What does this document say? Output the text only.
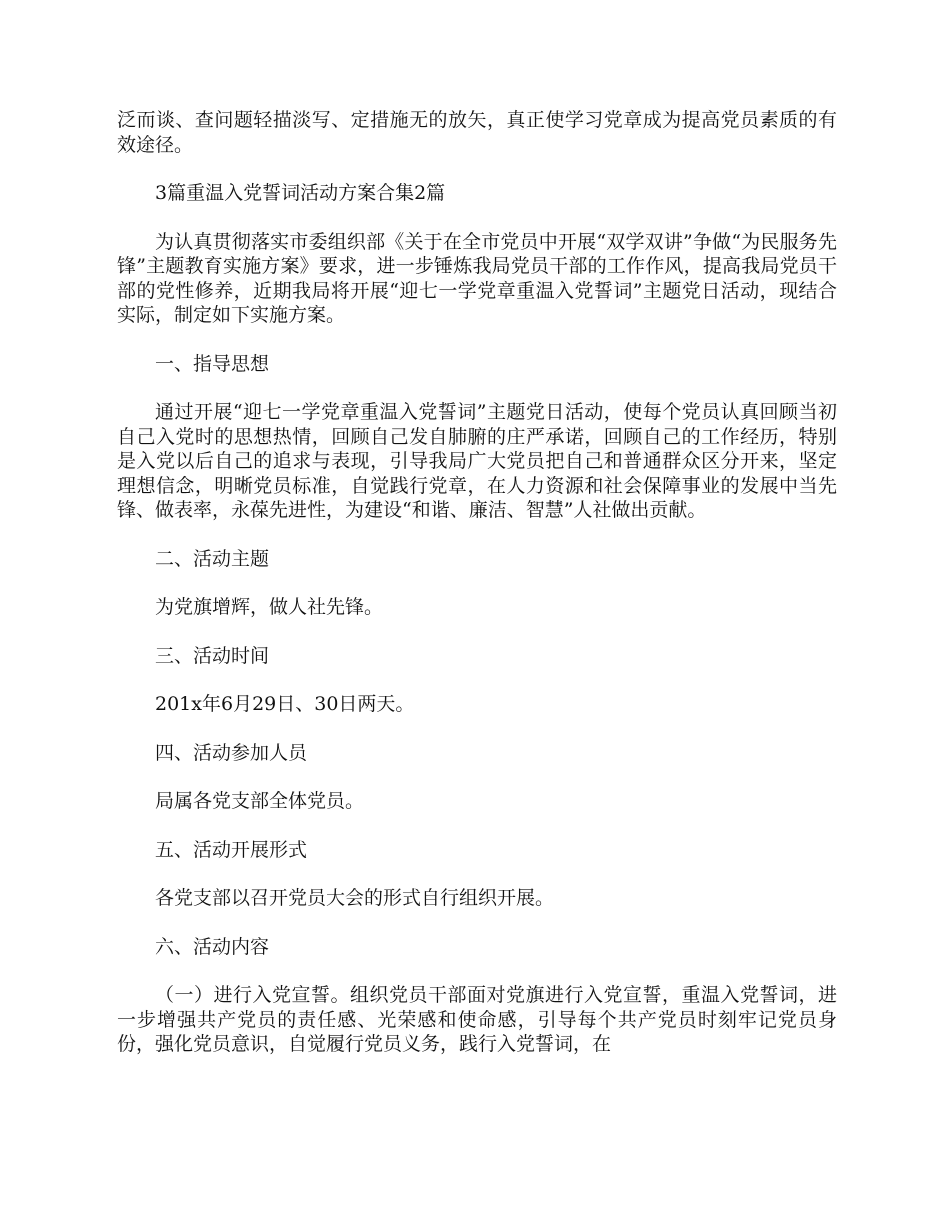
泛而谈、查问题轻描淡写、定措施无的放矢，真正使学习党章成为提高党员素质的有效途径。

3篇重温入党誓词活动方案合集2篇

为认真贯彻落实市委组织部《关于在全市党员中开展“双学双讲”争做“为民服务先锋”主题教育实施方案》要求，进一步锤炼我局党员干部的工作作风，提高我局党员干部的党性修养，近期我局将开展“迎七一学党章重温入党誓词”主题党日活动，现结合实际，制定如下实施方案。

一、指导思想

通过开展“迎七一学党章重温入党誓词”主题党日活动，使每个党员认真回顾当初自己入党时的思想热情，回顾自己发自肺腑的庄严承诺，回顾自己的工作经历，特别是入党以后自己的追求与表现，引导我局广大党员把自己和普通群众区分开来，坚定理想信念，明晰党员标准，自觉践行党章，在人力资源和社会保障事业的发展中当先锋、做表率，永葆先进性，为建设“和谐、廉洁、智慧”人社做出贡献。

二、活动主题

为党旗增辉，做人社先锋。

三、活动时间

201x年6月29日、30日两天。

四、活动参加人员

局属各党支部全体党员。

五、活动开展形式

各党支部以召开党员大会的形式自行组织开展。

六、活动内容

（一）进行入党宣誓。组织党员干部面对党旗进行入党宣誓，重温入党誓词，进一步增强共产党员的责任感、光荣感和使命感，引导每个共产党员时刻牢记党员身份，强化党员意识，自觉履行党员义务，践行入党誓词，在
